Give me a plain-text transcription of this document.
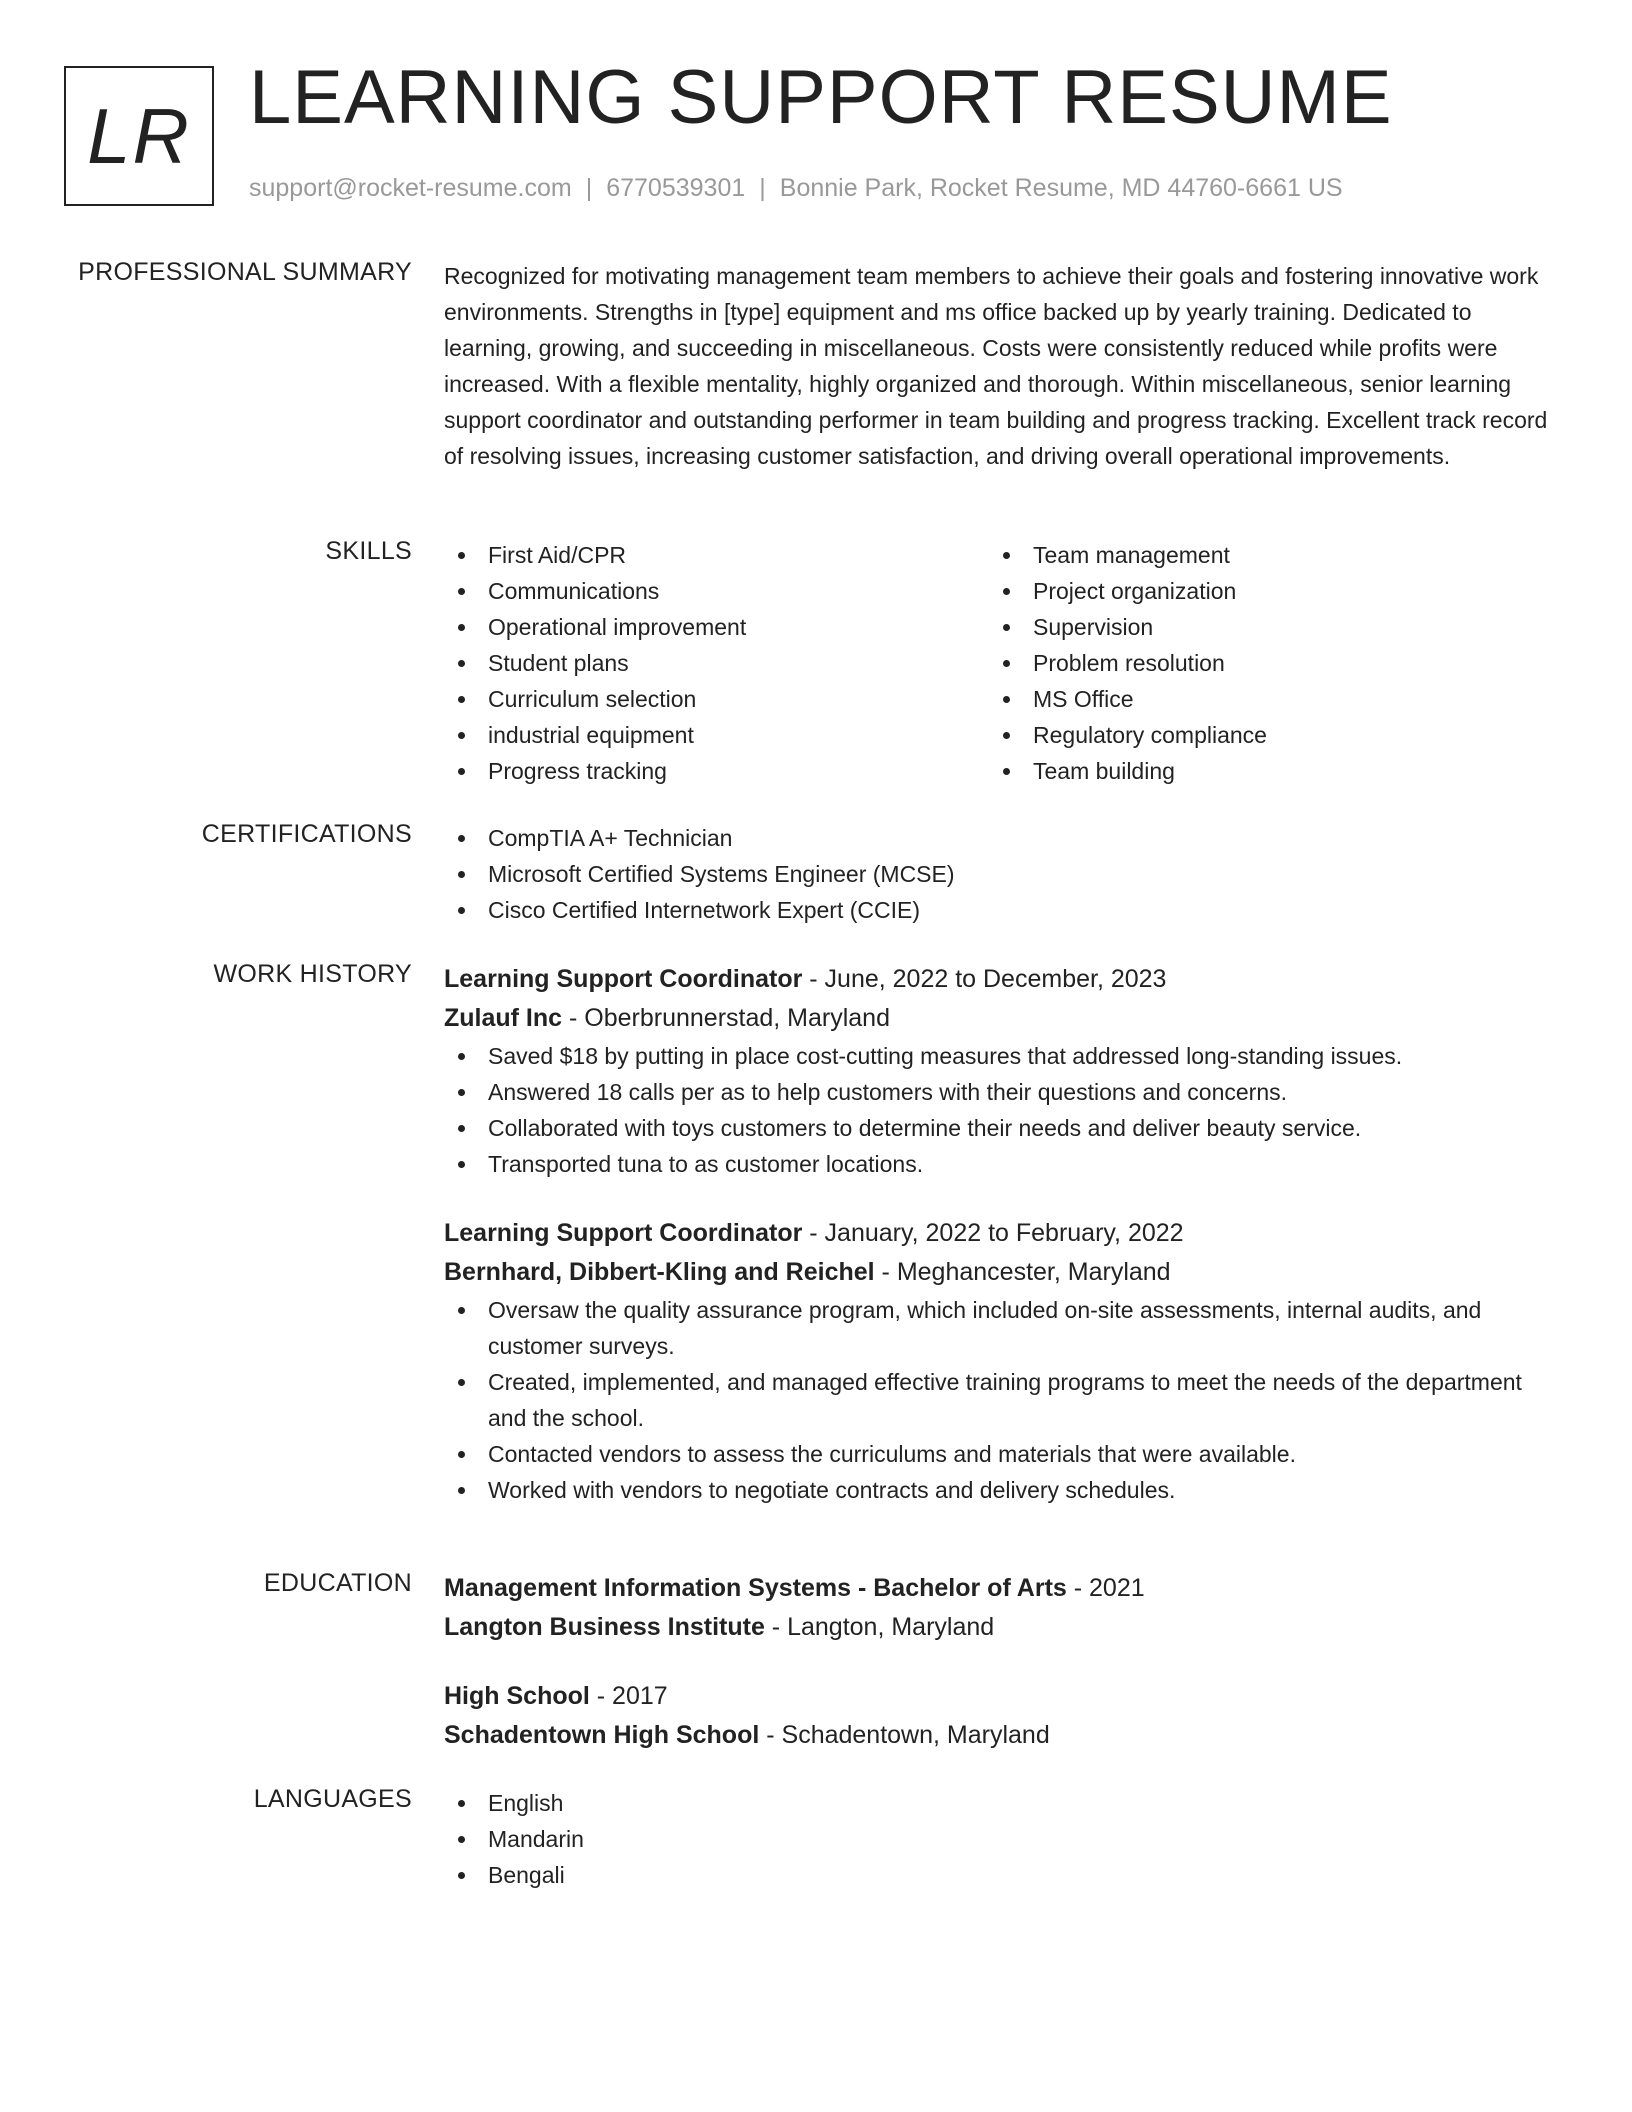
LR LEARNING SUPPORT RESUME
support@rocket-resume.com | 6770539301 | Bonnie Park, Rocket Resume, MD 44760-6661 US
PROFESSIONAL SUMMARY Recognized for motivating management team members to achieve their goals and fostering innovative work environments. Strengths in [type] equipment and ms office backed up by yearly training. Dedicated to learning, growing, and succeeding in miscellaneous. Costs were consistently reduced while profits were increased. With a flexible mentality, highly organized and thorough. Within miscellaneous, senior learning support coordinator and outstanding performer in team building and progress tracking. Excellent track record of resolving issues, increasing customer satisfaction, and driving overall operational improvements.

SKILLS	First Aid/CPR
Communications
Operational improvement
Student plans
Curriculum selection
industrial equipment
Progress tracking
Team management
Project organization
Supervision
Problem resolution
MS Office
Regulatory compliance
Team building
CERTIFICATIONS	CompTIA A+ Technician
Microsoft Certified Systems Engineer (MCSE)
Cisco Certified Internetwork Expert (CCIE)
WORK HISTORY Learning Support Coordinator - June, 2022 to December, 2023
Zulauf Inc - Oberbrunnerstad, Maryland
Saved $18 by putting in place cost-cutting measures that addressed long-standing issues.
Answered 18 calls per as to help customers with their questions and concerns.
Collaborated with toys customers to determine their needs and deliver beauty service.
Transported tuna to as customer locations.
Learning Support Coordinator - January, 2022 to February, 2022
Bernhard, Dibbert-Kling and Reichel - Meghancester, Maryland
Oversaw the quality assurance program, which included on-site assessments, internal audits, and customer surveys.
Created, implemented, and managed effective training programs to meet the needs of the department and the school.
Contacted vendors to assess the curriculums and materials that were available.
Worked with vendors to negotiate contracts and delivery schedules.
EDUCATION Management Information Systems - Bachelor of Arts - 2021
Langton Business Institute - Langton, Maryland
High School - 2017
Schadentown High School - Schadentown, Maryland
LANGUAGES	English
Mandarin
Bengali
